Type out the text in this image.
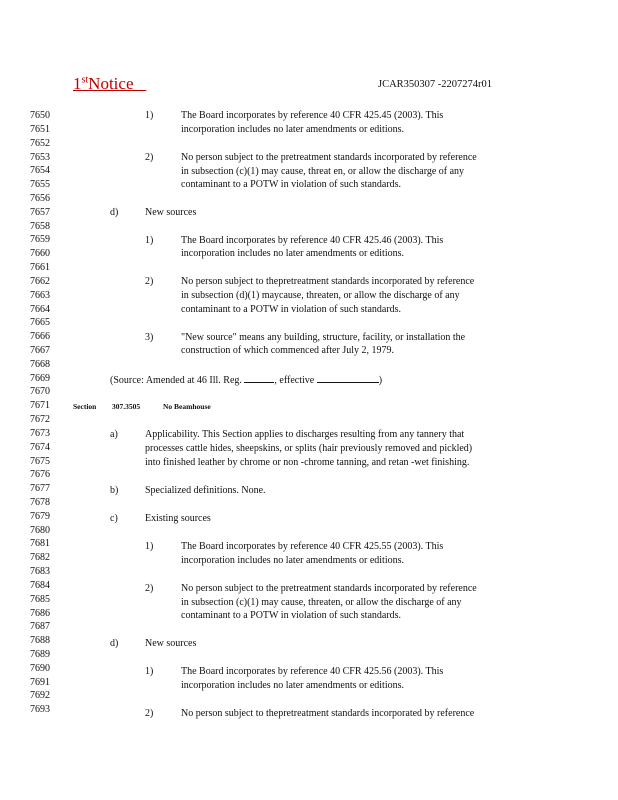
1stNotice	JCAR350307 -2207274r01
7650
7651
7652
7653
7654
7655
7656
7657
7658
7659
7660
7661
7662
7663
7664
7665
7666
7667
7668
7669
7670
7671
7672
7673
7674
7675
7676
7677
7678
7679
7680
7681
7682
7683
7684
7685
7686
7687
7688
7689
7690
7691
7692
7693
1)	The Board incorporates by reference 40 CFR 425.45 (2003). This
incorporation includes no later amendments or editions.
2)	No person subject to the pretreatment standards incorporated by reference
in subsection (c)(1) may cause, threat en, or allow the discharge of any
contaminant to a POTW in violation of such standards.
d)	New sources
1)	The Board incorporates by reference 40 CFR 425.46 (2003). This
incorporation includes no later amendments or editions.
2)	No person subject to thepretreatment standards incorporated by reference
in subsection (d)(1) maycause, threaten, or allow the discharge of any
contaminant to a POTW in violation of such standards.
3)	"New source" means any building, structure, facility, or installation the
construction of which commenced after July 2, 1979.
(Source: Amended at 46 Ill. Reg.	, effective	)
Section 307.3505	No Beamhouse
a)	Applicability. This Section applies to discharges resulting from any tannery that
processes cattle hides, sheepskins, or splits (hair previously removed and pickled)
into finished leather by chrome or non -chrome tanning, and retan -wet finishing.
b)	Specialized definitions. None.
c)	Existing sources
1)	The Board incorporates by reference 40 CFR 425.55 (2003). This
incorporation includes no later amendments or editions.
2)	No person subject to the pretreatment standards incorporated by reference
in subsection (c)(1) may cause, threaten, or allow the discharge of any
contaminant to a POTW in violation of such standards.
d)	New sources
1)	The Board incorporates by reference 40 CFR 425.56 (2003). This
incorporation includes no later amendments or editions.
2)	No person subject to thepretreatment standards incorporated by reference
